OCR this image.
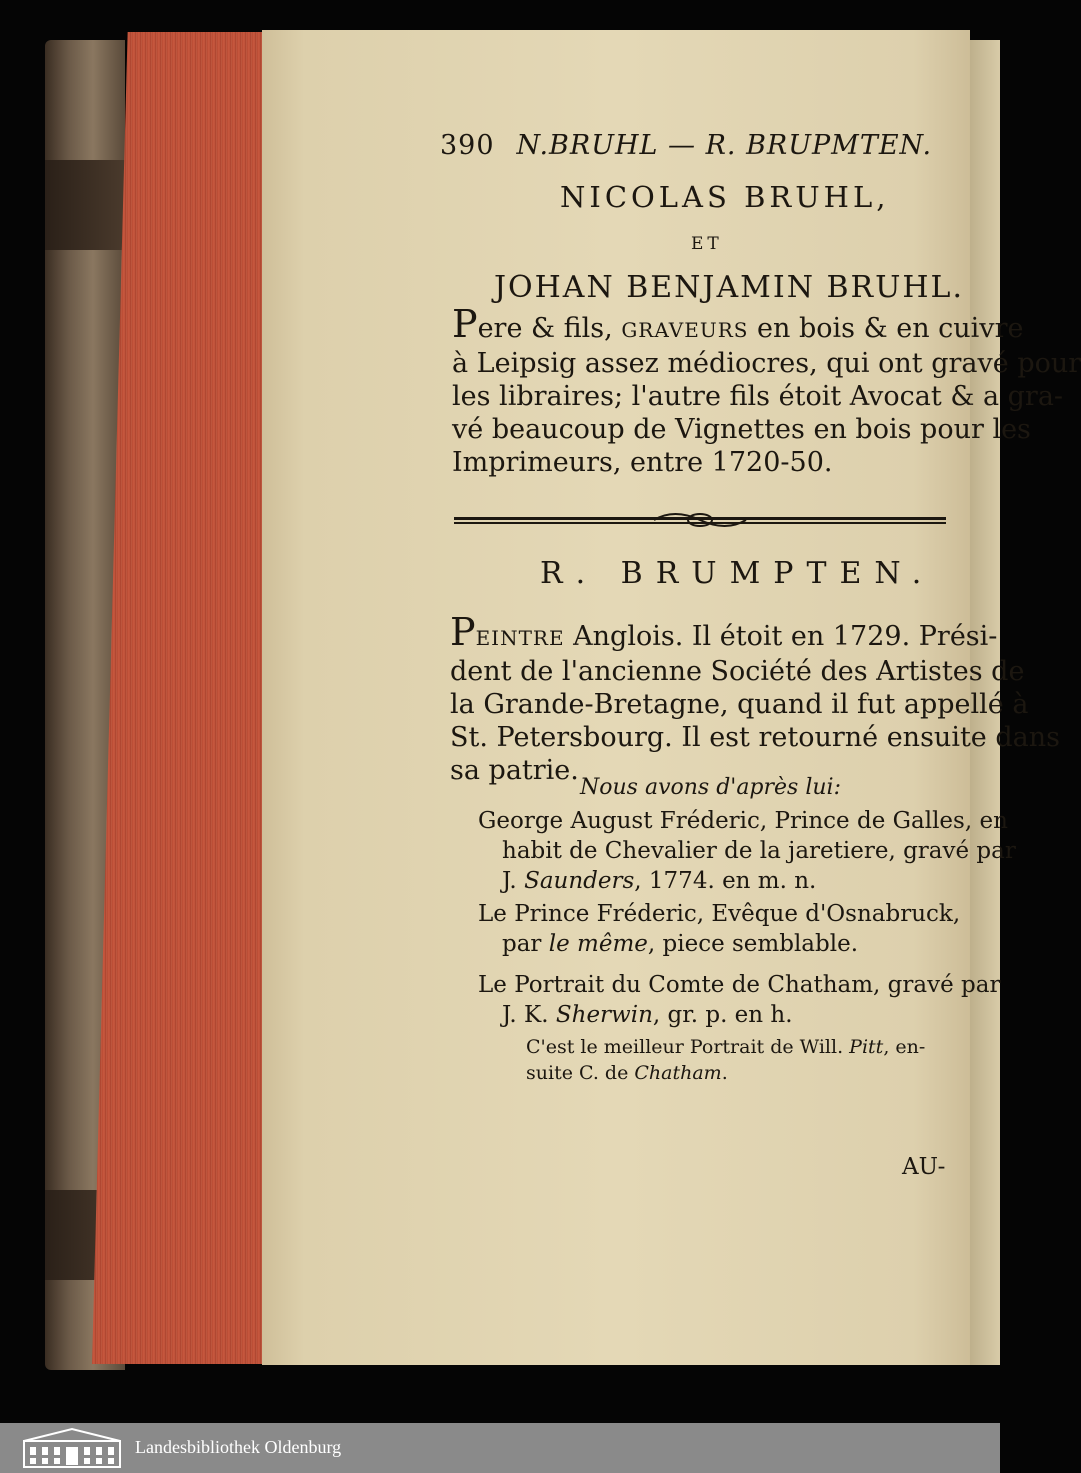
390 N.BRUHL — R. BRUPMTEN.
NICOLAS BRUHL,
ET
JOHAN BENJAMIN BRUHL.
Pere & fils, GRAVEURS en bois & en cuivre
à Leipsig assez médiocres, qui ont gravé pour
les libraires; l'autre fils étoit Avocat & a gra-
vé beaucoup de Vignettes en bois pour les
Imprimeurs, entre 1720-50.
R. BRUMPTEN.
PEINTRE Anglois. Il étoit en 1729. Prési-
dent de l'ancienne Société des Artistes de
la Grande-Bretagne, quand il fut appellé à
St. Petersbourg. Il est retourné ensuite dans
sa patrie.
Nous avons d'après lui:
George August Fréderic, Prince de Galles, en
habit de Chevalier de la jaretiere, gravé par
J. Saunders, 1774. en m. n.
Le Prince Fréderic, Evêque d'Osnabruck,
par le même, piece semblable.
Le Portrait du Comte de Chatham, gravé par
J. K. Sherwin, gr. p. en h.
C'est le meilleur Portrait de Will. Pitt, en-
suite C. de Chatham.
AU-
Landesbibliothek Oldenburg
